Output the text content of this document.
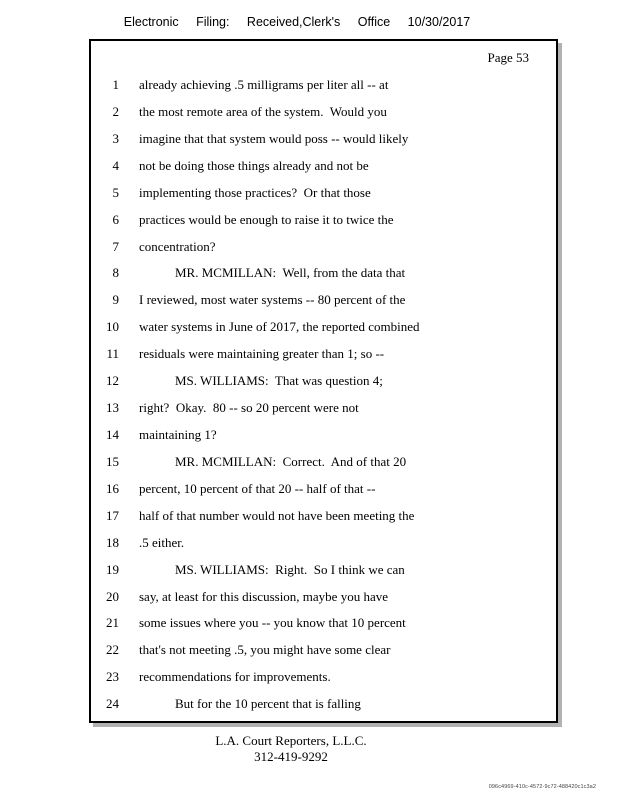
Electronic Filing: Received,Clerk's Office 10/30/2017
Page 53
1 already achieving .5 milligrams per liter all -- at
2 the most remote area of the system.  Would you
3 imagine that that system would poss -- would likely
4 not be doing those things already and not be
5 implementing those practices?  Or that those
6 practices would be enough to raise it to twice the
7 concentration?
8	MR. MCMILLAN:  Well, from the data that
9 I reviewed, most water systems -- 80 percent of the
10 water systems in June of 2017, the reported combined
11 residuals were maintaining greater than 1; so --
12	MS. WILLIAMS:  That was question 4;
13 right?  Okay.  80 -- so 20 percent were not
14 maintaining 1?
15	MR. MCMILLAN:  Correct.  And of that 20
16 percent, 10 percent of that 20 -- half of that --
17 half of that number would not have been meeting the
18 .5 either.
19	MS. WILLIAMS:  Right.  So I think we can
20 say, at least for this discussion, maybe you have
21 some issues where you -- you know that 10 percent
22 that's not meeting .5, you might have some clear
23 recommendations for improvements.
24	But for the 10 percent that is falling
L.A. Court Reporters, L.L.C.
312-419-9292
096c4969-410c-4572-9c72-488420c1c3a2
